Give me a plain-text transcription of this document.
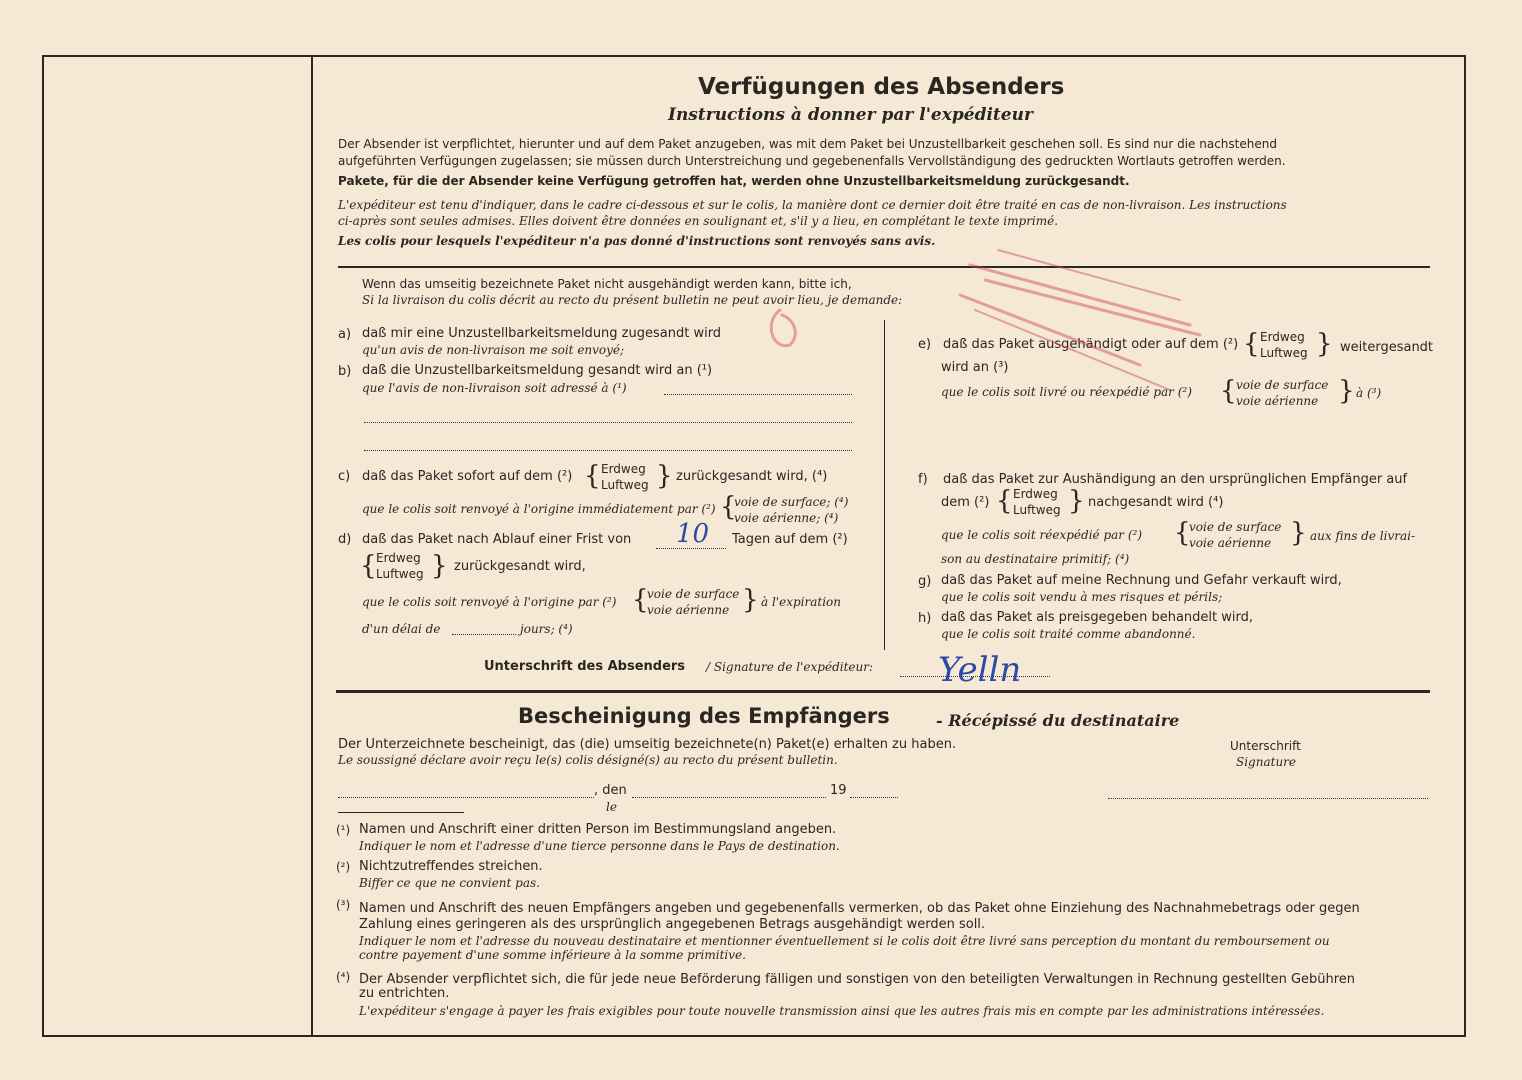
Verfügungen des Absenders
Instructions à donner par l'expéditeur
Der Absender ist verpflichtet, hierunter und auf dem Paket anzugeben, was mit dem Paket bei Unzustellbarkeit geschehen soll. Es sind nur die nachstehend
aufgeführten Verfügungen zugelassen; sie müssen durch Unterstreichung und gegebenenfalls Vervollständigung des gedruckten Wortlauts getroffen werden.
Pakete, für die der Absender keine Verfügung getroffen hat, werden ohne Unzustellbarkeitsmeldung zurückgesandt.
L'expéditeur est tenu d'indiquer, dans le cadre ci-dessous et sur le colis, la manière dont ce dernier doit être traité en cas de non-livraison. Les instructions
ci-après sont seules admises. Elles doivent être données en soulignant et, s'il y a lieu, en complétant le texte imprimé.
Les colis pour lesquels l'expéditeur n'a pas donné d'instructions sont renvoyés sans avis.
Wenn das umseitig bezeichnete Paket nicht ausgehändigt werden kann, bitte ich,
Si la livraison du colis décrit au recto du présent bulletin ne peut avoir lieu, je demande:
a) daß mir eine Unzustellbarkeitsmeldung zugesandt wird
qu'un avis de non-livraison me soit envoyé;
b) daß die Unzustellbarkeitsmeldung gesandt wird an (¹)
que l'avis de non-livraison soit adressé à (¹)
c) daß das Paket sofort auf dem (²) { Erdweg
Luftweg } zurückgesandt wird, (⁴)
que le colis soit renvoyé à l'origine immédiatement par (²) {
voie de surface; (⁴)
voie aérienne; (⁴)
d) daß das Paket nach Ablauf einer Frist von 10 Tagen auf dem (²)
{ Erdweg
Luftweg } zurückgesandt wird,
que le colis soit renvoyé à l'origine par (²) {
voie de surface
voie aérienne } à l'expiration
d'un délai de	jours; (⁴)
e) daß das Paket ausgehändigt oder auf dem (²) { Erdweg
Luftweg } weitergesandt
wird an (³)
que le colis soit livré ou réexpédié par (²) { voie de surface
voie aérienne } à (³)
f) daß das Paket zur Aushändigung an den ursprünglichen Empfänger auf
dem (²) { Erdweg
Luftweg } nachgesandt wird (⁴)
que le colis soit réexpédié par (²) {
voie de surface
voie aérienne } aux fins de livrai-
son au destinataire primitif; (⁴)
g) daß das Paket auf meine Rechnung und Gefahr verkauft wird,
que le colis soit vendu à mes risques et périls;
h) daß das Paket als preisgegeben behandelt wird,
que le colis soit traité comme abandonné.
Unterschrift des Absenders / Signature de l'expéditeur: Yelln
Bescheinigung des Empfängers	- Récépissé du destinataire
Der Unterzeichnete bescheinigt, das (die) umseitig bezeichnete(n) Paket(e) erhalten zu haben.
Le soussigné déclare avoir reçu le(s) colis désigné(s) au recto du présent bulletin.
Unterschrift
Signature
, den
le
19
(¹) Namen und Anschrift einer dritten Person im Bestimmungsland angeben.
Indiquer le nom et l'adresse d'une tierce personne dans le Pays de destination.
(²) Nichtzutreffendes streichen.
Biffer ce que ne convient pas.
(³) Namen und Anschrift des neuen Empfängers angeben und gegebenenfalls vermerken, ob das Paket ohne Einziehung des Nachnahmebetrags oder gegen
Zahlung eines geringeren als des ursprünglich angegebenen Betrags ausgehändigt werden soll.
Indiquer le nom et l'adresse du nouveau destinataire et mentionner éventuellement si le colis doit être livré sans perception du montant du remboursement ou
contre payement d'une somme inférieure à la somme primitive.
(⁴) Der Absender verpflichtet sich, die für jede neue Beförderung fälligen und sonstigen von den beteiligten Verwaltungen in Rechnung gestellten Gebühren
zu entrichten.
L'expéditeur s'engage à payer les frais exigibles pour toute nouvelle transmission ainsi que les autres frais mis en compte par les administrations intéressées.
